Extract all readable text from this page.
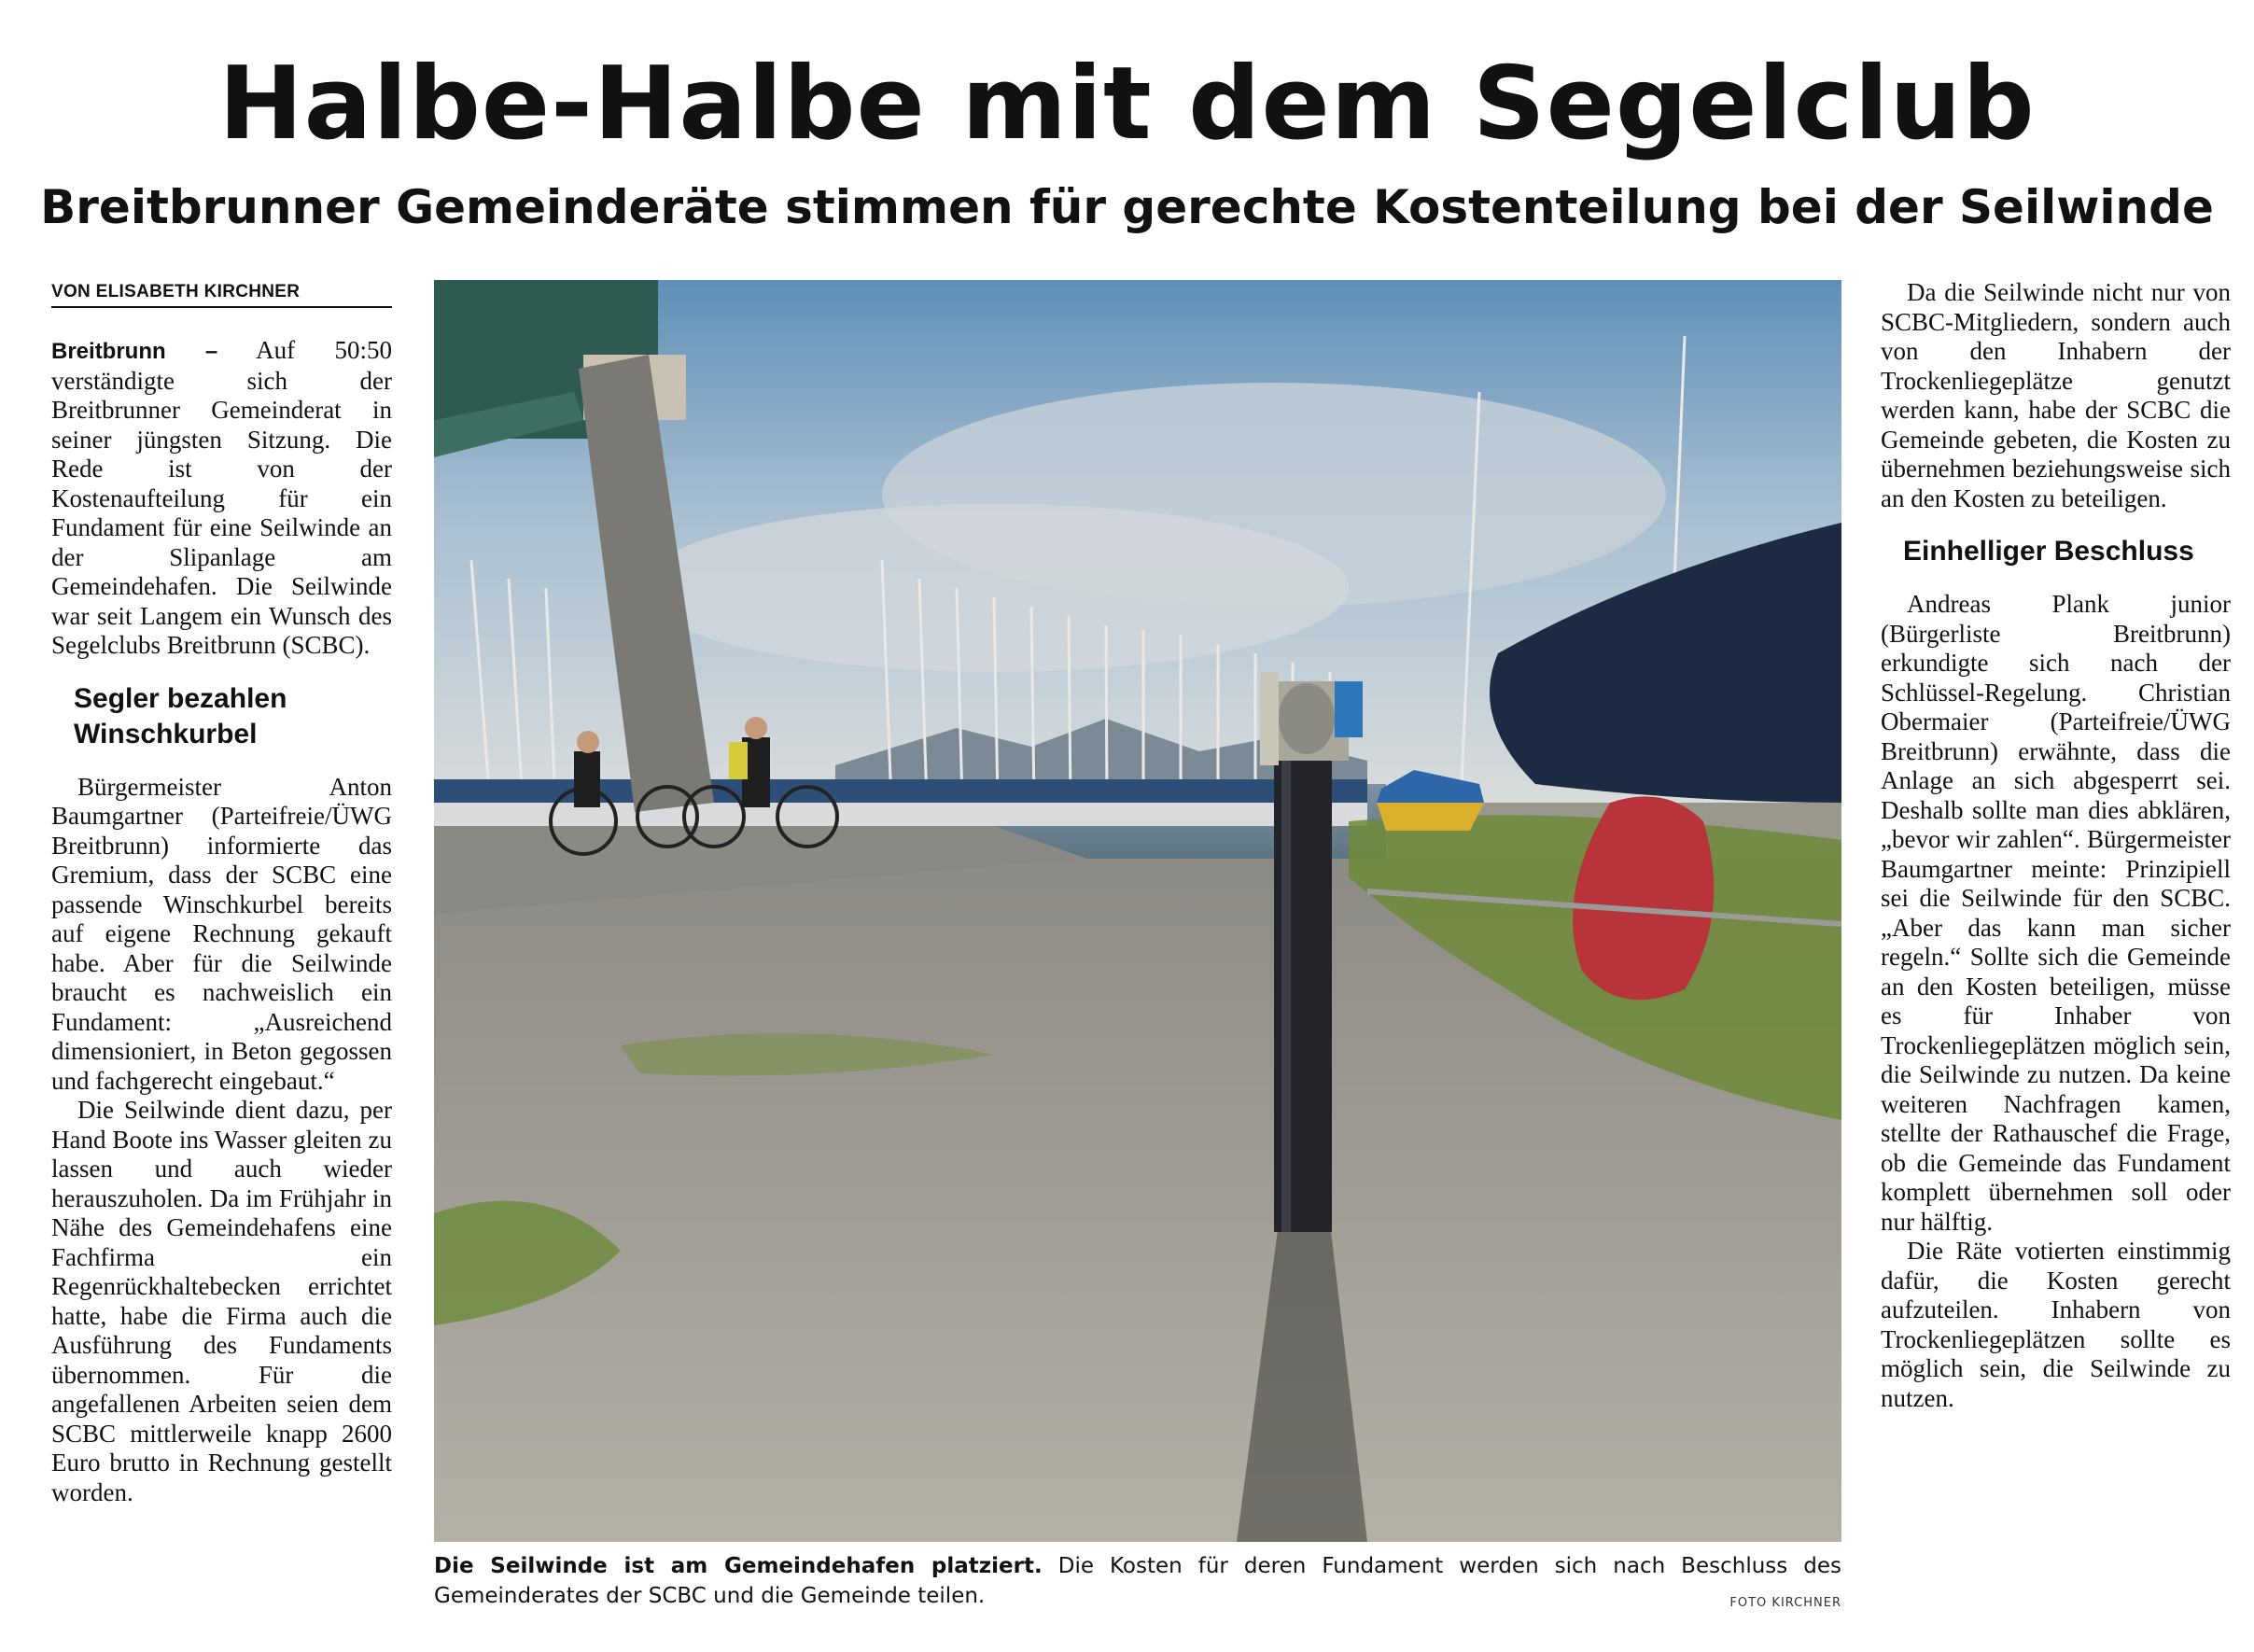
Halbe-Halbe mit dem Segelclub
Breitbrunner Gemeinderäte stimmen für gerechte Kostenteilung bei der Seilwinde
VON ELISABETH KIRCHNER

Breitbrunn – Auf 50:50 verständigte sich der Breitbrunner Gemeinderat in seiner jüngsten Sitzung. Die Rede ist von der Kostenaufteilung für ein Fundament für eine Seilwinde an der Slipanlage am Gemeindehafen. Die Seilwinde war seit Langem ein Wunsch des Segelclubs Breitbrunn (SCBC).

Segler bezahlen Winschkurbel

Bürgermeister Anton Baumgartner (Parteifreie/ÜWG Breitbrunn) informierte das Gremium, dass der SCBC eine passende Winschkurbel bereits auf eigene Rechnung gekauft habe. Aber für die Seilwinde braucht es nachweislich ein Fundament: „Ausreichend dimensioniert, in Beton gegossen und fachgerecht eingebaut.“

Die Seilwinde dient dazu, per Hand Boote ins Wasser gleiten zu lassen und auch wieder herauszuholen. Da im Frühjahr in Nähe des Gemeindehafens eine Fachfirma ein Regenrückhaltebecken errichtet hatte, habe die Firma auch die Ausführung des Fundaments übernommen. Für die angefallenen Arbeiten seien dem SCBC mittlerweile knapp 2600 Euro brutto in Rechnung gestellt worden.

Die Seilwinde ist am Gemeindehafen platziert. Die Kosten für deren Fundament werden sich nach Beschluss des Gemeinderates der SCBC und die Gemeinde teilen.	FOTO KIRCHNER

Da die Seilwinde nicht nur von SCBC-Mitgliedern, sondern auch von den Inhabern der Trockenliegeplätze genutzt werden kann, habe der SCBC die Gemeinde gebeten, die Kosten zu übernehmen beziehungsweise sich an den Kosten zu beteiligen.

Einhelliger Beschluss

Andreas Plank junior (Bürgerliste Breitbrunn) erkundigte sich nach der Schlüssel-Regelung. Christian Obermaier (Parteifreie/ÜWG Breitbrunn) erwähnte, dass die Anlage an sich abgesperrt sei. Deshalb sollte man dies abklären, „bevor wir zahlen“. Bürgermeister Baumgartner meinte: Prinzipiell sei die Seilwinde für den SCBC. „Aber das kann man sicher regeln.“ Sollte sich die Gemeinde an den Kosten beteiligen, müsse es für Inhaber von Trockenliegeplätzen möglich sein, die Seilwinde zu nutzen. Da keine weiteren Nachfragen kamen, stellte der Rathauschef die Frage, ob die Gemeinde das Fundament komplett übernehmen soll oder nur hälftig.

Die Räte votierten einstimmig dafür, die Kosten gerecht aufzuteilen. Inhabern von Trockenliegeplätzen sollte es möglich sein, die Seilwinde zu nutzen.
